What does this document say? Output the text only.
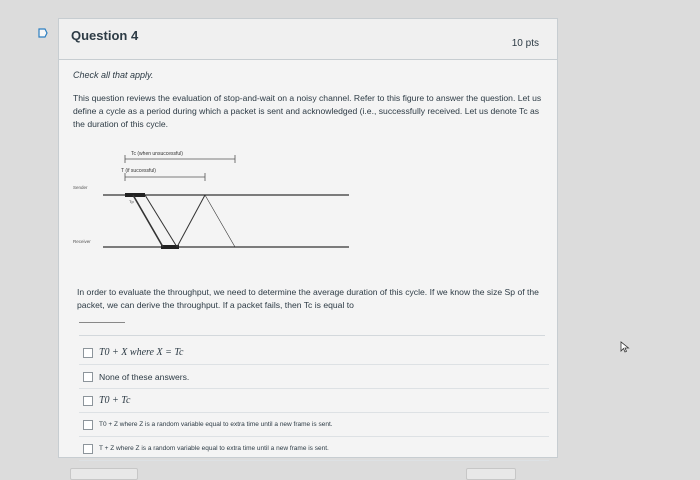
Question 4
10 pts

Check all that apply.

This question reviews the evaluation of stop-and-wait on a noisy channel. Refer to this figure to answer the question. Let us define a cycle as a period during which a packet is sent and acknowledged (i.e., successfully received. Let us denote Tc as the duration of this cycle.

Tc (when unsuccessful)
T (if successful)
Sender
Tp
Receiver
In order to evaluate the throughput, we need to determine the average duration of this cycle. If we know the size Sp of the packet, we can derive the throughput. If a packet fails, then Tc is equal to
T0 + X where X = Tc
None of these answers.
T0 + Tc
T0 + Z where Z is a random variable equal to extra time until a new frame is sent.
T + Z where Z is a random variable equal to extra time until a new frame is sent.
